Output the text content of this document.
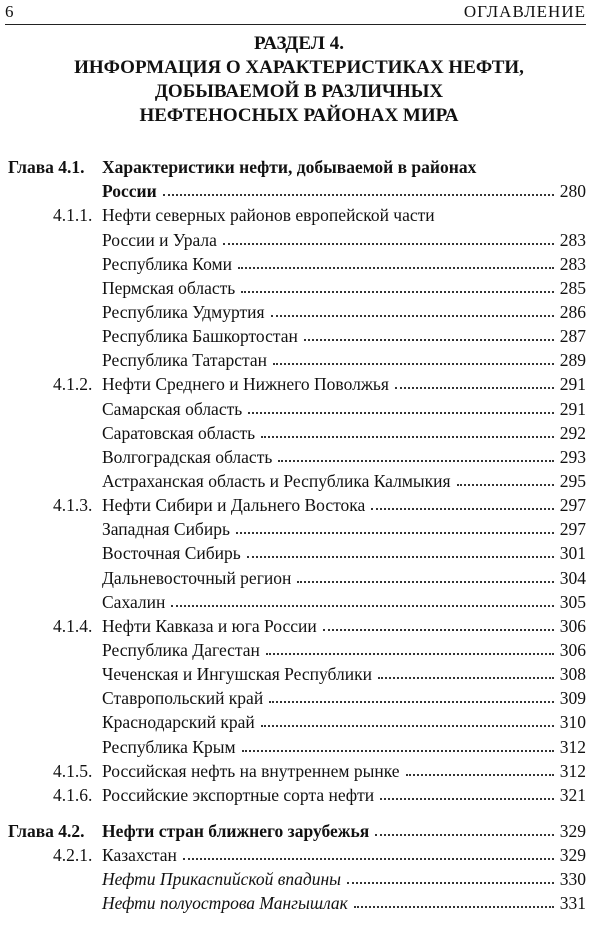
6	ОГЛАВЛЕНИЕ
РАЗДЕЛ 4.
ИНФОРМАЦИЯ О ХАРАКТЕРИСТИКАХ НЕФТИ,
ДОБЫВАЕМОЙ В РАЗЛИЧНЫХ
НЕФТЕНОСНЫХ РАЙОНАХ МИРА
Глава 4.1. Характеристики нефти, добываемой в районах
России	280
4.1.1. Нефти северных районов европейской части
России и Урала	283
Республика Коми	283
Пермская область	285
Республика Удмуртия	286
Республика Башкортостан	287
Республика Татарстан	289
4.1.2. Нефти Среднего и Нижнего Поволжья	291
Самарская область	291
Саратовская область	292
Волгоградская область	293
Астраханская область и Республика Калмыкия	295
4.1.3. Нефти Сибири и Дальнего Востока	297
Западная Сибирь	297
Восточная Сибирь	301
Дальневосточный регион	304
Сахалин	305
4.1.4. Нефти Кавказа и юга России	306
Республика Дагестан	306
Чеченская и Ингушская Республики	308
Ставропольский край	309
Краснодарский край	310
Республика Крым	312
4.1.5. Российская нефть на внутреннем рынке	312
4.1.6. Российские экспортные сорта нефти	321
Глава 4.2. Нефти стран ближнего зарубежья	329
4.2.1. Казахстан	329
Нефти Прикаспийской впадины	330
Нефти полуострова Мангышлак	331
